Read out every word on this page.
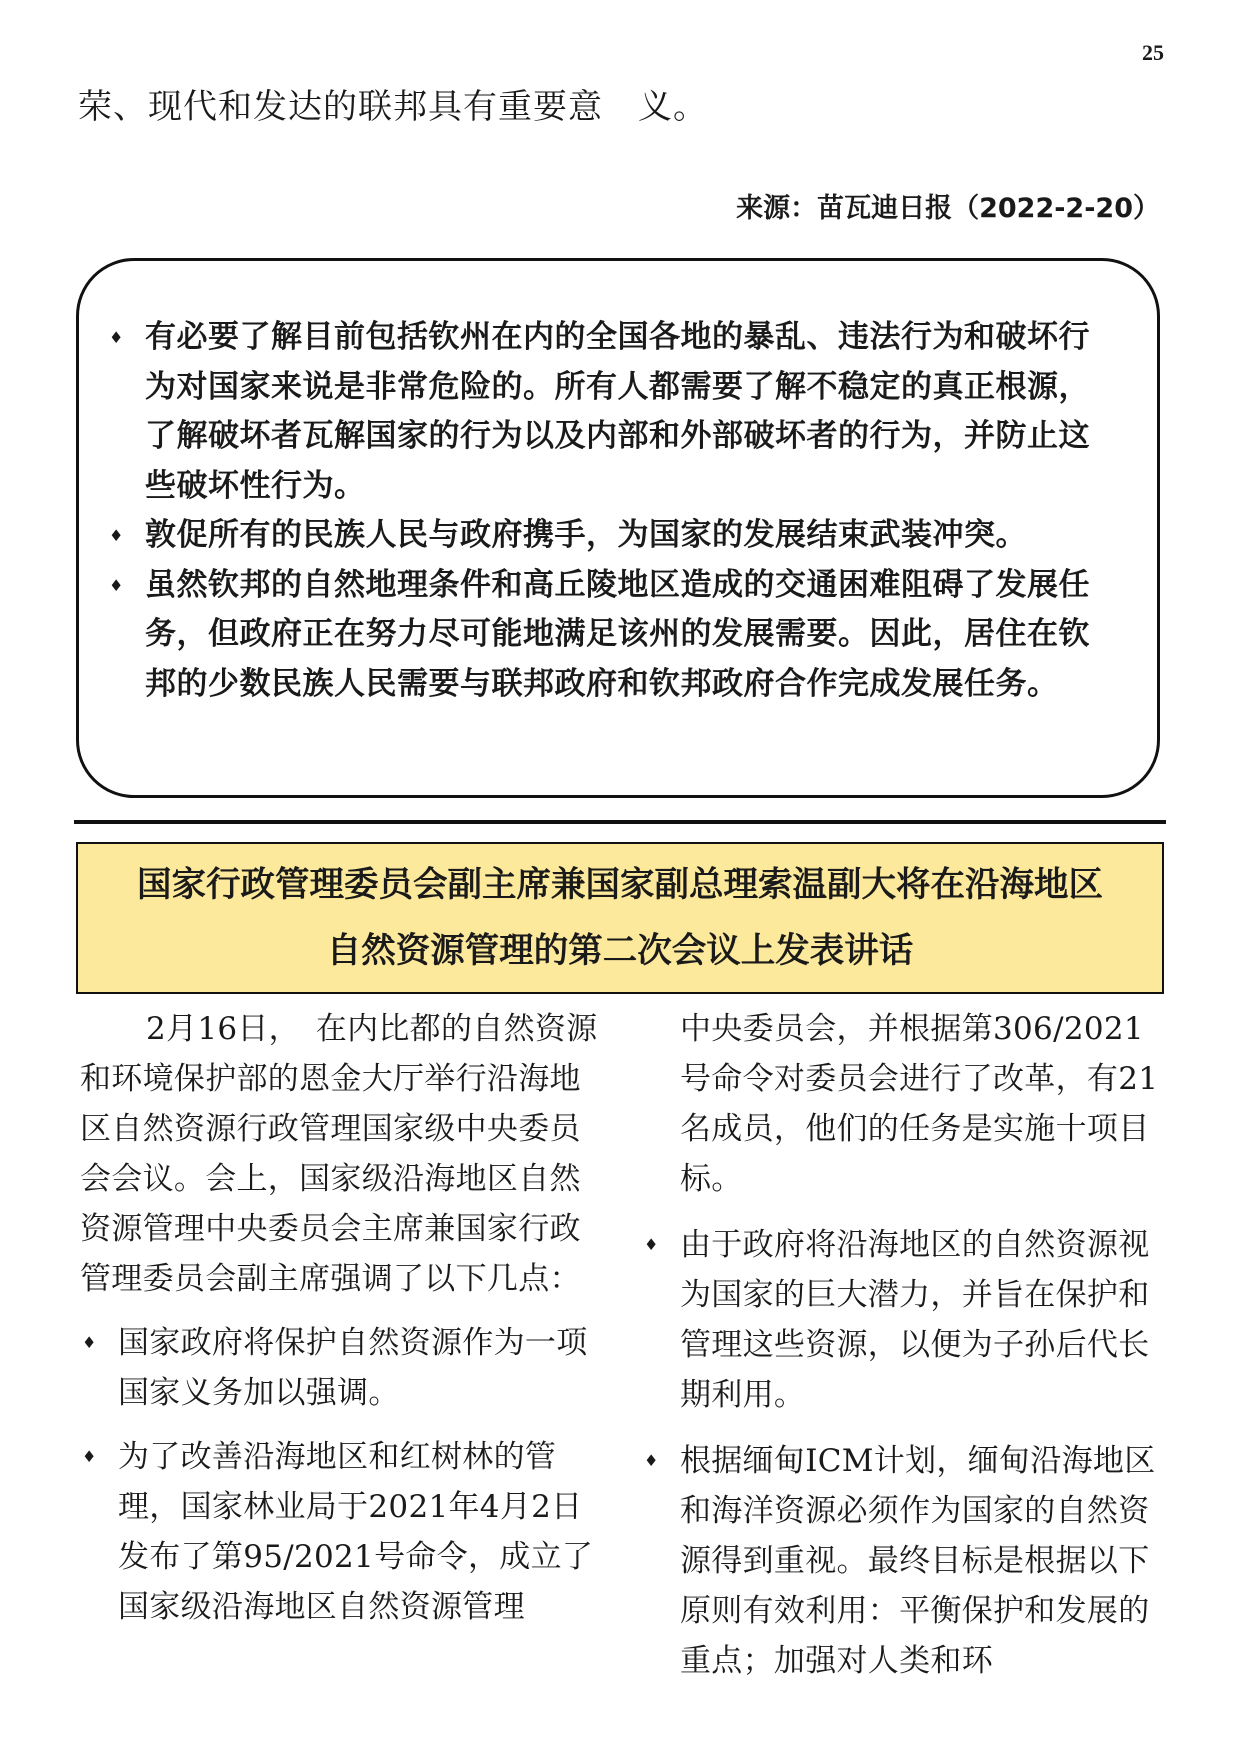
25
荣、现代和发达的联邦具有重要意　义。
来源：苗瓦迪日报（2022-2-20）
♦ 有必要了解目前包括钦州在内的全国各地的暴乱、违法行为和破坏行为对国家来说是非常危险的。所有人都需要了解不稳定的真正根源，了解破坏者瓦解国家的行为以及内部和外部破坏者的行为，并防止这些破坏性行为。
♦ 敦促所有的民族人民与政府携手，为国家的发展结束武装冲突。
♦ 虽然钦邦的自然地理条件和高丘陵地区造成的交通困难阻碍了发展任务，但政府正在努力尽可能地满足该州的发展需要。因此，居住在钦邦的少数民族人民需要与联邦政府和钦邦政府合作完成发展任务。
国家行政管理委员会副主席兼国家副总理索温副大将在沿海地区
自然资源管理的第二次会议上发表讲话

2月16日，　在内比都的自然资源和环境保护部的恩金大厅举行沿海地区自然资源行政管理国家级中央委员会会议。会上，国家级沿海地区自然资源管理中央委员会主席兼国家行政管理委员会副主席强调了以下几点：

♦ 国家政府将保护自然资源作为一项国家义务加以强调。
♦ 为了改善沿海地区和红树林的管理，国家林业局于2021年4月2日发布了第95/2021号命令，成立了国家级沿海地区自然资源管理

中央委员会，并根据第306/2021号命令对委员会进行了改革，有21名成员，他们的任务是实施十项目标。

♦ 由于政府将沿海地区的自然资源视为国家的巨大潜力，并旨在保护和管理这些资源，以便为子孙后代长期利用。
♦ 根据缅甸ICM计划，缅甸沿海地区和海洋资源必须作为国家的自然资源得到重视。最终目标是根据以下原则有效利用：平衡保护和发展的重点；加强对人类和环
